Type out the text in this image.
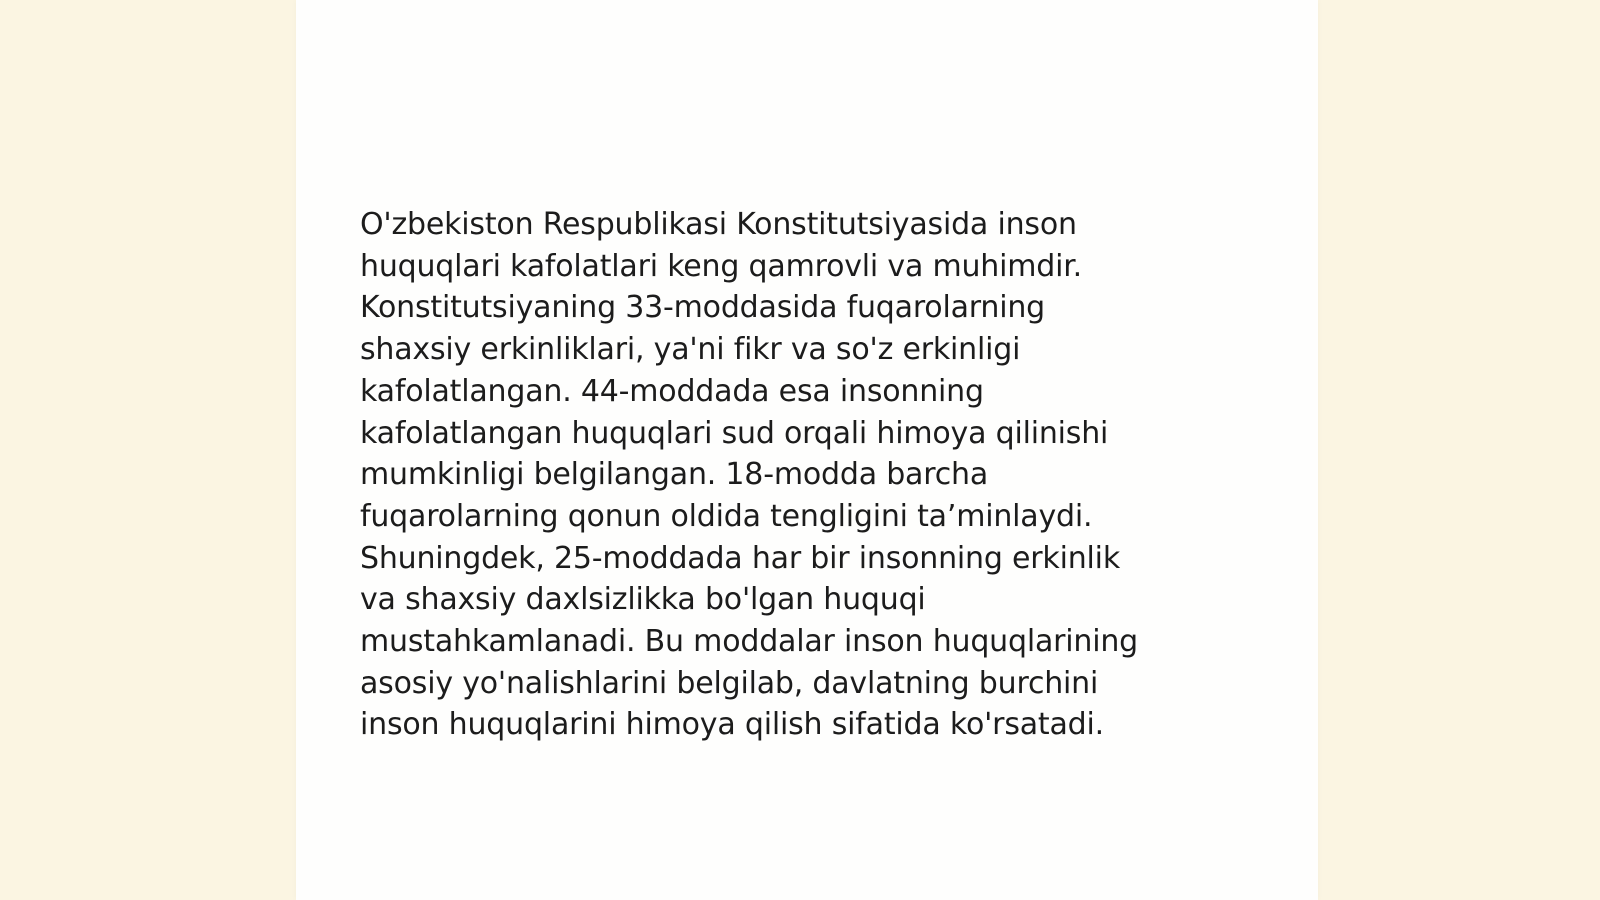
O'zbekiston Respublikasi Konstitutsiyasida inson
huquqlari kafolatlari keng qamrovli va muhimdir.
Konstitutsiyaning 33-moddasida fuqarolarning
shaxsiy erkinliklari, ya'ni fikr va so'z erkinligi
kafolatlangan. 44-moddada esa insonning
kafolatlangan huquqlari sud orqali himoya qilinishi
mumkinligi belgilangan. 18-modda barcha
fuqarolarning qonun oldida tengligini ta’minlaydi.
Shuningdek, 25-moddada har bir insonning erkinlik
va shaxsiy daxlsizlikka bo'lgan huquqi
mustahkamlanadi. Bu moddalar inson huquqlarining
asosiy yo'nalishlarini belgilab, davlatning burchini
inson huquqlarini himoya qilish sifatida ko'rsatadi.
